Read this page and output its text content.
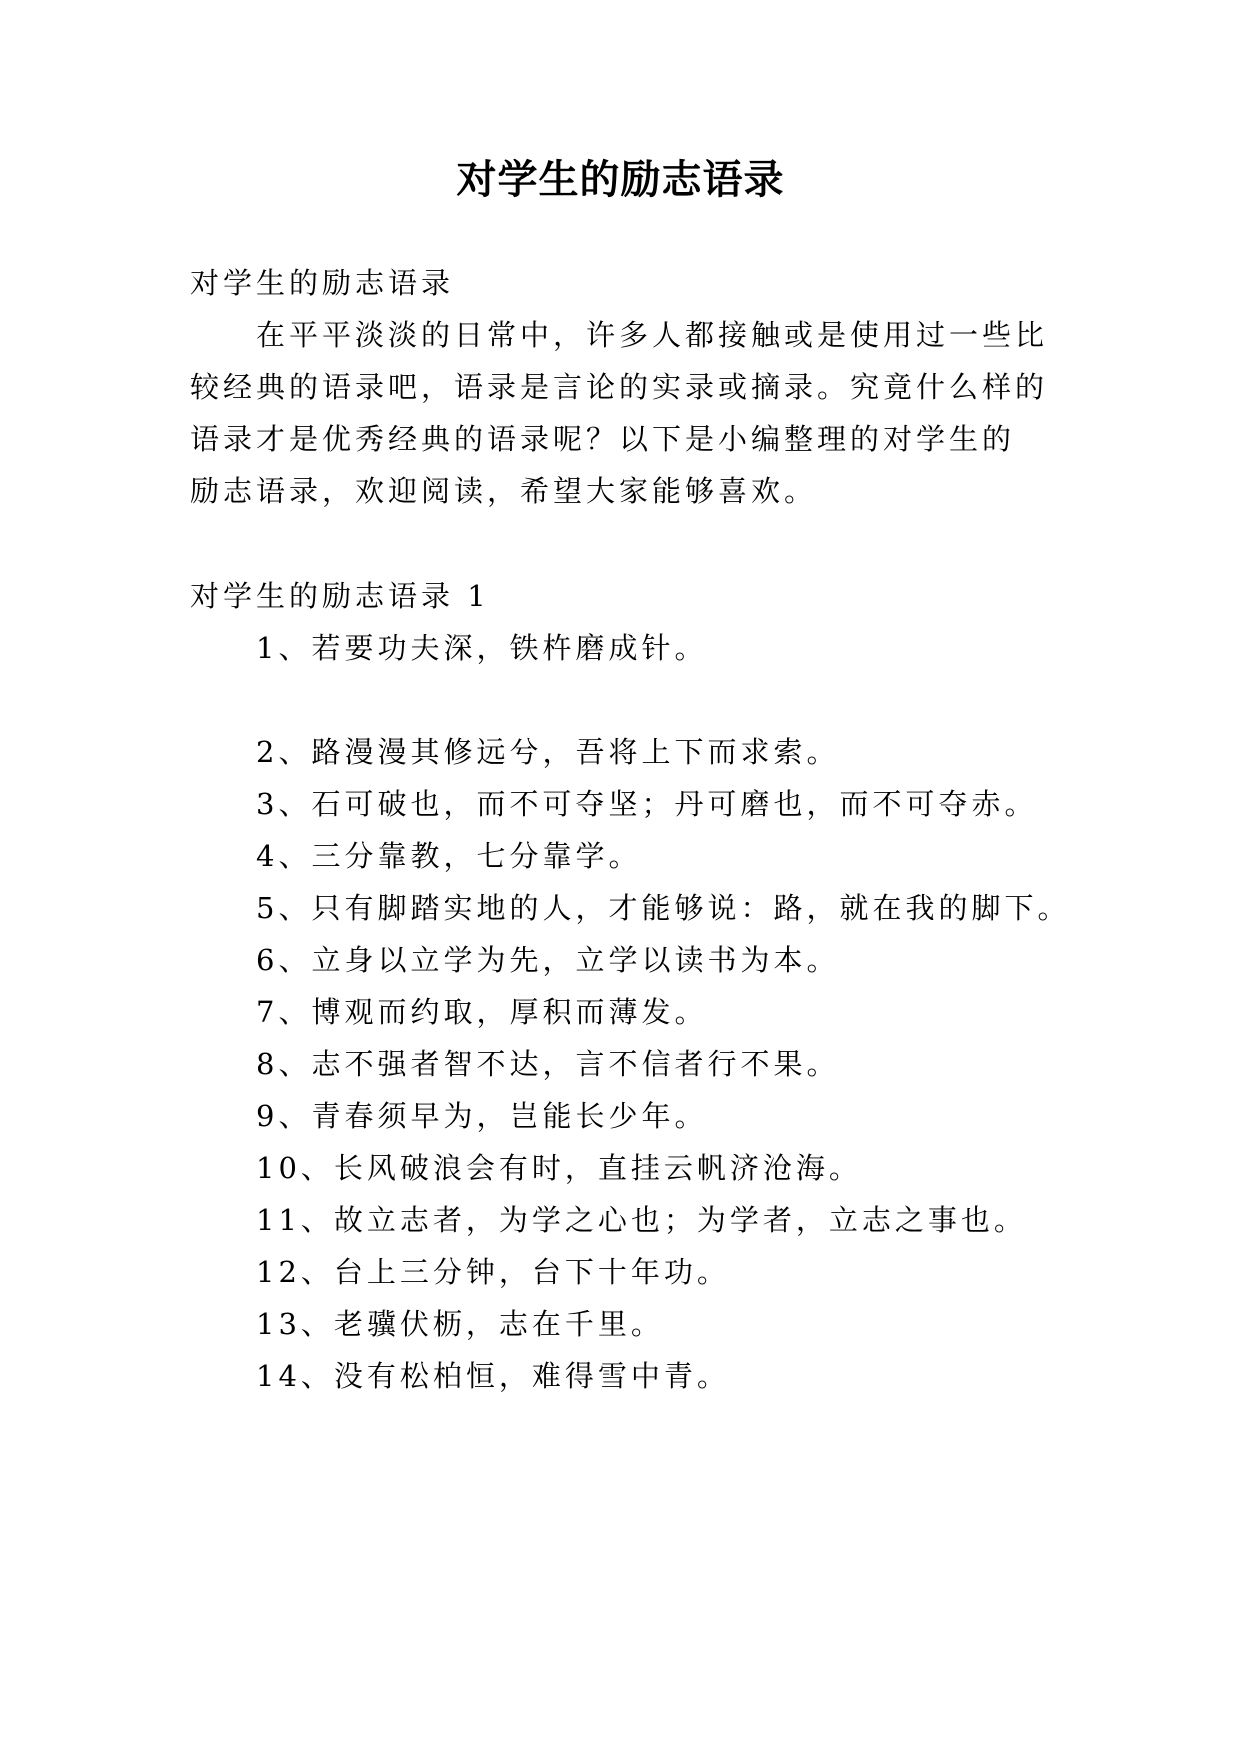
对学生的励志语录
对学生的励志语录
在平平淡淡的日常中，许多人都接触或是使用过一些比
较经典的语录吧，语录是言论的实录或摘录。究竟什么样的
语录才是优秀经典的语录呢？以下是小编整理的对学生的
励志语录，欢迎阅读，希望大家能够喜欢。
对学生的励志语录 1
1、若要功夫深，铁杵磨成针。
2、路漫漫其修远兮，吾将上下而求索。
3、石可破也，而不可夺坚；丹可磨也，而不可夺赤。
4、三分靠教，七分靠学。
5、只有脚踏实地的人，才能够说：路，就在我的脚下。
6、立身以立学为先，立学以读书为本。
7、博观而约取，厚积而薄发。
8、志不强者智不达，言不信者行不果。
9、青春须早为，岂能长少年。
10、长风破浪会有时，直挂云帆济沧海。
11、故立志者，为学之心也；为学者，立志之事也。
12、台上三分钟，台下十年功。
13、老骥伏枥，志在千里。
14、没有松柏恒，难得雪中青。
